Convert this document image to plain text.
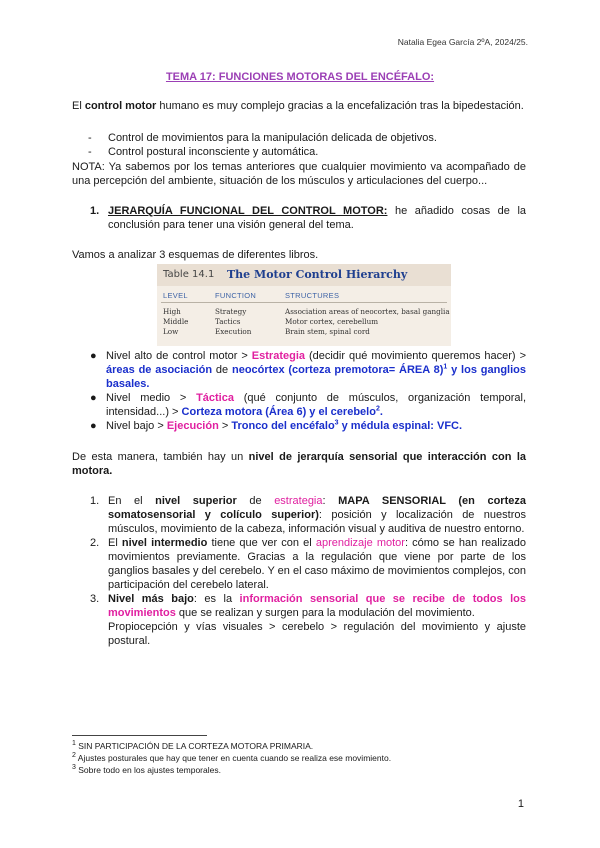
Natalia Egea García 2ºA, 2024/25.
TEMA 17: FUNCIONES MOTORAS DEL ENCÉFALO:
El control motor humano es muy complejo gracias a la encefalización tras la bipedestación.
- Control de movimientos para la manipulación delicada de objetivos.
- Control postural inconsciente y automática.
NOTA: Ya sabemos por los temas anteriores que cualquier movimiento va acompañado de una percepción del ambiente, situación de los músculos y articulaciones del cuerpo...
1. JERARQUÍA FUNCIONAL DEL CONTROL MOTOR: he añadido cosas de la conclusión para tener una visión general del tema.
Vamos a analizar 3 esquemas de diferentes libros.
Table 14.1 The Motor Control Hierarchy
LEVEL	FUNCTION	STRUCTURES
High	Strategy	Association areas of neocortex, basal ganglia
Middle	Tactics	Motor cortex, cerebellum
Low	Execution	Brain stem, spinal cord
● Nivel alto de control motor > Estrategia (decidir qué movimiento queremos hacer) > áreas de asociación de neocórtex (corteza premotora= ÁREA 8)$^1$ y los ganglios basales.
● Nivel medio > Táctica (qué conjunto de músculos, organización temporal, intensidad...) > Corteza motora (Área 6) y el cerebelo$^2$.
● Nivel bajo > Ejecución > Tronco del encéfalo$^3$ y médula espinal: VFC.
De esta manera, también hay un nivel de jerarquía sensorial que interacción con la motora.
1. En el nivel superior de estrategia: MAPA SENSORIAL (en corteza somatosensorial y colículo superior): posición y localización de nuestros músculos, movimiento de la cabeza, información visual y auditiva de nuestro entorno.
2. El nivel intermedio tiene que ver con el aprendizaje motor: cómo se han realizado movimientos previamente. Gracias a la regulación que viene por parte de los ganglios basales y del cerebelo. Y en el caso máximo de movimientos complejos, con participación del cerebelo lateral.
3. Nivel más bajo: es la información sensorial que se recibe de todos los movimientos que se realizan y surgen para la modulación del movimiento.
Propiocepción y vías visuales > cerebelo > regulación del movimiento y ajuste postural.
$^1$ SIN PARTICIPACIÓN DE LA CORTEZA MOTORA PRIMARIA.
$^2$ Ajustes posturales que hay que tener en cuenta cuando se realiza ese movimiento.
$^3$ Sobre todo en los ajustes temporales.
1
